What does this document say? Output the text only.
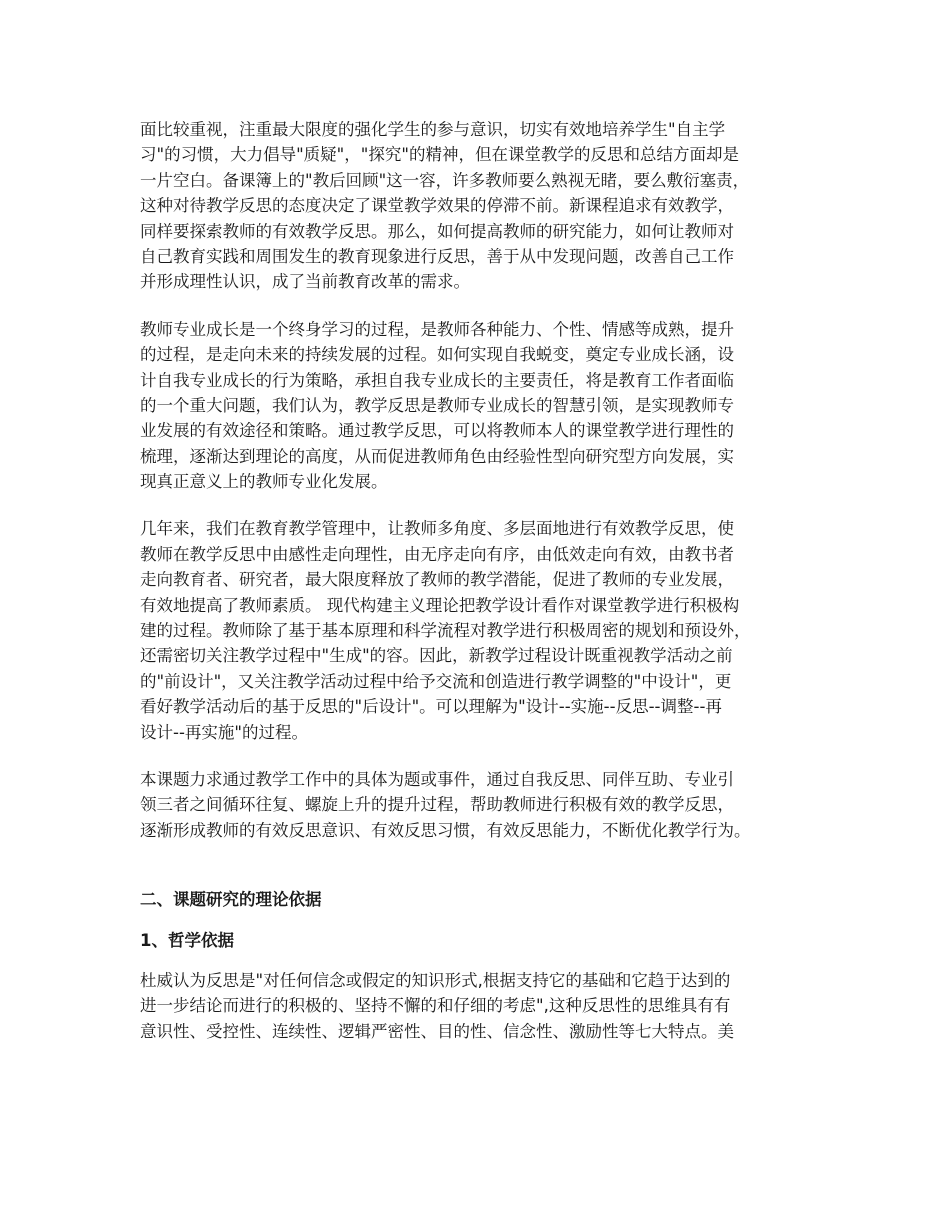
面比较重视，注重最大限度的强化学生的参与意识，切实有效地培养学生"自主学
习"的习惯，大力倡导"质疑"，"探究"的精神，但在课堂教学的反思和总结方面却是
一片空白。备课簿上的"教后回顾"这一容，许多教师要么熟视无睹，要么敷衍塞责，
这种对待教学反思的态度决定了课堂教学效果的停滞不前。新课程追求有效教学，
同样要探索教师的有效教学反思。那么，如何提高教师的研究能力，如何让教师对
自己教育实践和周围发生的教育现象进行反思，善于从中发现问题，改善自己工作
并形成理性认识，成了当前教育改革的需求。
教师专业成长是一个终身学习的过程，是教师各种能力、个性、情感等成熟，提升
的过程，是走向未来的持续发展的过程。如何实现自我蜕变，奠定专业成长涵，设
计自我专业成长的行为策略，承担自我专业成长的主要责任，将是教育工作者面临
的一个重大问题，我们认为，教学反思是教师专业成长的智慧引领，是实现教师专
业发展的有效途径和策略。通过教学反思，可以将教师本人的课堂教学进行理性的
梳理，逐渐达到理论的高度，从而促进教师角色由经验性型向研究型方向发展，实
现真正意义上的教师专业化发展。
几年来，我们在教育教学管理中，让教师多角度、多层面地进行有效教学反思，使
教师在教学反思中由感性走向理性，由无序走向有序，由低效走向有效，由教书者
走向教育者、研究者，最大限度释放了教师的教学潜能，促进了教师的专业发展，
有效地提高了教师素质。 现代构建主义理论把教学设计看作对课堂教学进行积极构
建的过程。教师除了基于基本原理和科学流程对教学进行积极周密的规划和预设外，
还需密切关注教学过程中"生成"的容。因此，新教学过程设计既重视教学活动之前
的"前设计"，又关注教学活动过程中给予交流和创造进行教学调整的"中设计"，更
看好教学活动后的基于反思的"后设计"。可以理解为"设计--实施--反思--调整--再
设计--再实施"的过程。
本课题力求通过教学工作中的具体为题或事件，通过自我反思、同伴互助、专业引
领三者之间循环往复、螺旋上升的提升过程，帮助教师进行积极有效的教学反思，
逐渐形成教师的有效反思意识、有效反思习惯，有效反思能力，不断优化教学行为。
二、课题研究的理论依据
1、哲学依据
杜威认为反思是"对任何信念或假定的知识形式,根据支持它的基础和它趋于达到的
进一步结论而进行的积极的、坚持不懈的和仔细的考虑",这种反思性的思维具有有
意识性、受控性、连续性、逻辑严密性、目的性、信念性、激励性等七大特点。美
